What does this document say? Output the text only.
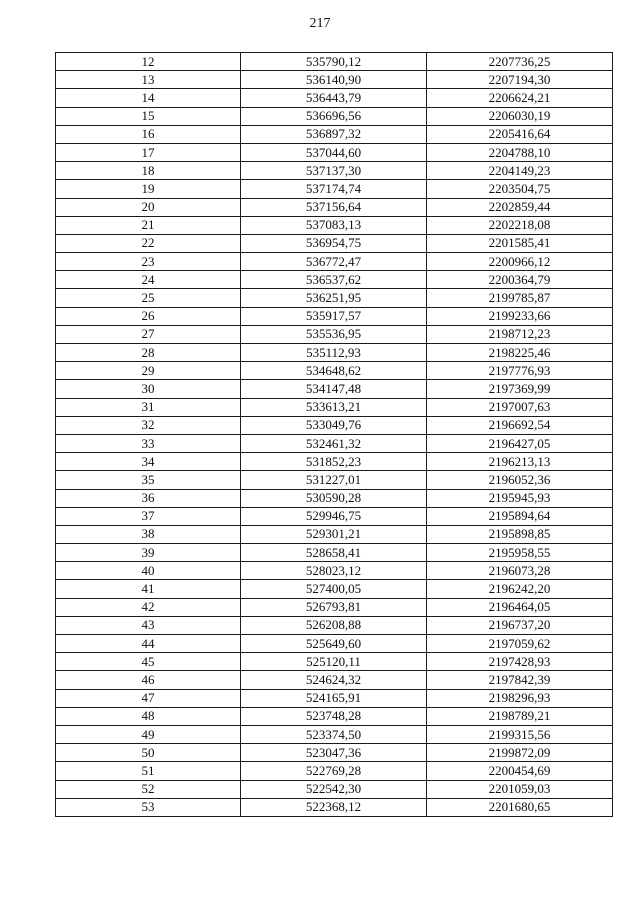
217
12	535790,12	2207736,25
13	536140,90	2207194,30
14	536443,79	2206624,21
15	536696,56	2206030,19
16	536897,32	2205416,64
17	537044,60	2204788,10
18	537137,30	2204149,23
19	537174,74	2203504,75
20	537156,64	2202859,44
21	537083,13	2202218,08
22	536954,75	2201585,41
23	536772,47	2200966,12
24	536537,62	2200364,79
25	536251,95	2199785,87
26	535917,57	2199233,66
27	535536,95	2198712,23
28	535112,93	2198225,46
29	534648,62	2197776,93
30	534147,48	2197369,99
31	533613,21	2197007,63
32	533049,76	2196692,54
33	532461,32	2196427,05
34	531852,23	2196213,13
35	531227,01	2196052,36
36	530590,28	2195945,93
37	529946,75	2195894,64
38	529301,21	2195898,85
39	528658,41	2195958,55
40	528023,12	2196073,28
41	527400,05	2196242,20
42	526793,81	2196464,05
43	526208,88	2196737,20
44	525649,60	2197059,62
45	525120,11	2197428,93
46	524624,32	2197842,39
47	524165,91	2198296,93
48	523748,28	2198789,21
49	523374,50	2199315,56
50	523047,36	2199872,09
51	522769,28	2200454,69
52	522542,30	2201059,03
53	522368,12	2201680,65
